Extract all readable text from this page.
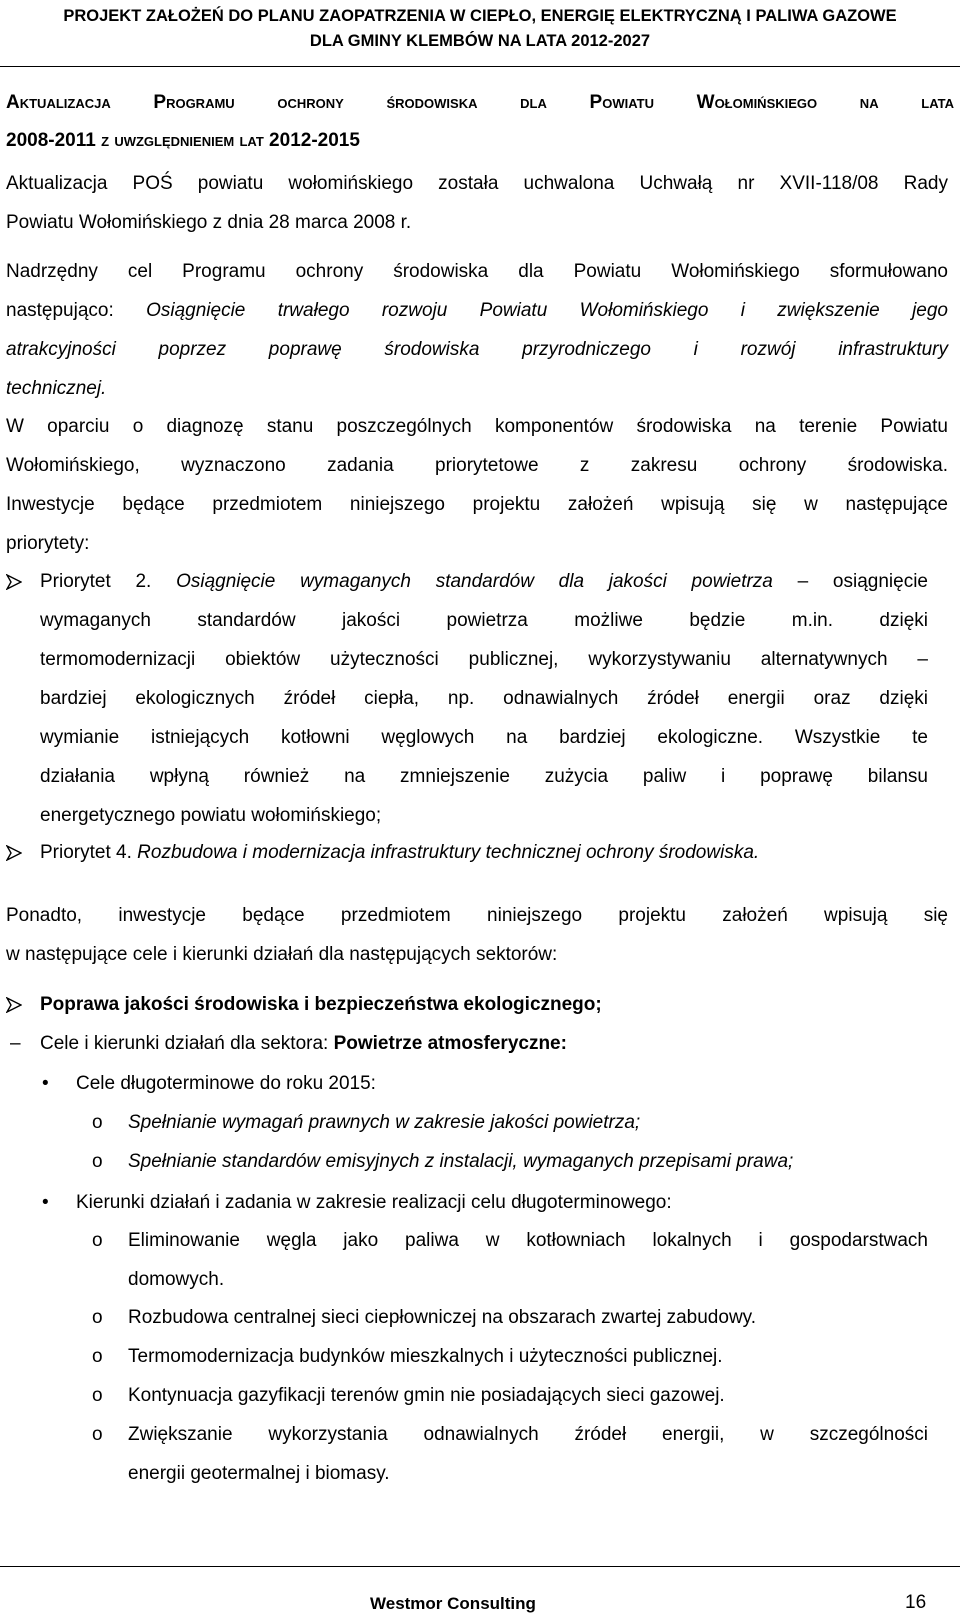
PROJEKT ZAŁOŻEŃ DO PLANU ZAOPATRZENIA W CIEPŁO, ENERGIĘ ELEKTRYCZNĄ I PALIWA GAZOWE
DLA GMINY KLEMBÓW NA LATA 2012-2027
Aktualizacja Programu ochrony środowiska dla Powiatu Wołomińskiego na lata
2008-2011 z uwzględnieniem lat 2012-2015
Aktualizacja POŚ powiatu wołomińskiego została uchwalona Uchwałą nr XVII-118/08 Rady
Powiatu Wołomińskiego z dnia 28 marca 2008 r.
Nadrzędny cel Programu ochrony środowiska dla Powiatu Wołomińskiego sformułowano
następująco: Osiągnięcie trwałego rozwoju Powiatu Wołomińskiego i zwiększenie jego
atrakcyjności poprzez poprawę środowiska przyrodniczego i rozwój infrastruktury
technicznej.
W oparciu o diagnozę stanu poszczególnych komponentów środowiska na terenie Powiatu
Wołomińskiego, wyznaczono zadania priorytetowe z zakresu ochrony środowiska.
Inwestycje będące przedmiotem niniejszego projektu założeń wpisują się w następujące
priorytety:
Priorytet 2. Osiągnięcie wymaganych standardów dla jakości powietrza – osiągnięcie
wymaganych standardów jakości powietrza możliwe będzie m.in. dzięki
termomodernizacji obiektów użyteczności publicznej, wykorzystywaniu alternatywnych –
bardziej ekologicznych źródeł ciepła, np. odnawialnych źródeł energii oraz dzięki
wymianie istniejących kotłowni węglowych na bardziej ekologiczne. Wszystkie te
działania wpłyną również na zmniejszenie zużycia paliw i poprawę bilansu
energetycznego powiatu wołomińskiego;
Priorytet 4. Rozbudowa i modernizacja infrastruktury technicznej ochrony środowiska.
Ponadto, inwestycje będące przedmiotem niniejszego projektu założeń wpisują się
w następujące cele i kierunki działań dla następujących sektorów:
Poprawa jakości środowiska i bezpieczeństwa ekologicznego;
–	Cele i kierunki działań dla sektora: Powietrze atmosferyczne:
• Cele długoterminowe do roku 2015:
o Spełnianie wymagań prawnych w zakresie jakości powietrza;
o Spełnianie standardów emisyjnych z instalacji, wymaganych przepisami prawa;
• Kierunki działań i zadania w zakresie realizacji celu długoterminowego:
o Eliminowanie węgla jako paliwa w kotłowniach lokalnych i gospodarstwach
domowych.
o Rozbudowa centralnej sieci ciepłowniczej na obszarach zwartej zabudowy.
o Termomodernizacja budynków mieszkalnych i użyteczności publicznej.
o Kontynuacja gazyfikacji terenów gmin nie posiadających sieci gazowej.
o Zwiększanie wykorzystania odnawialnych źródeł energii, w szczególności
energii geotermalnej i biomasy.
Westmor Consulting	16
